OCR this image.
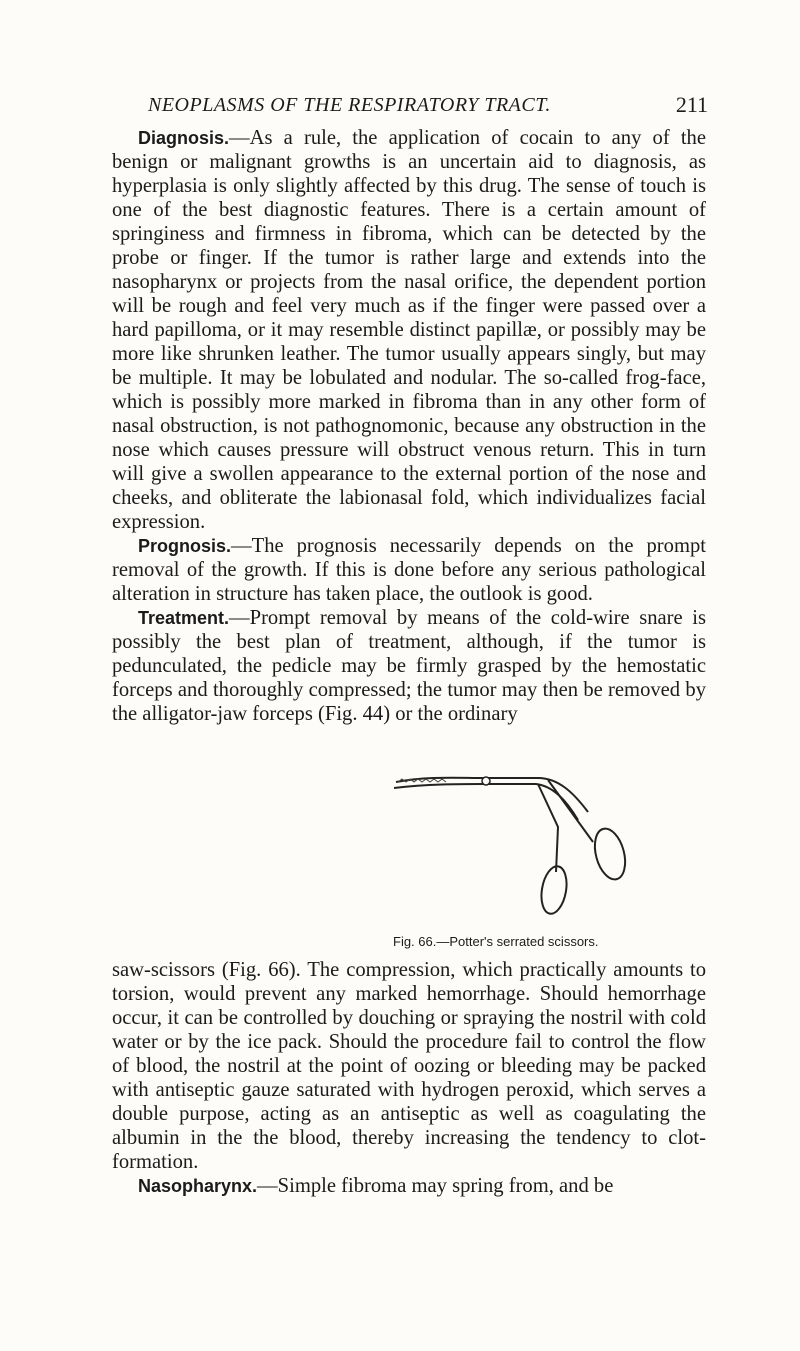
NEOPLASMS OF THE RESPIRATORY TRACT.	211

Diagnosis.—As a rule, the application of cocain to any of the benign or malignant growths is an uncertain aid to diagnosis, as hyperplasia is only slightly affected by this drug. The sense of touch is one of the best diagnostic features. There is a certain amount of springiness and firmness in fibroma, which can be detected by the probe or finger. If the tumor is rather large and extends into the nasopharynx or projects from the nasal orifice, the dependent portion will be rough and feel very much as if the finger were passed over a hard papilloma, or it may resemble distinct papillæ, or possibly may be more like shrunken leather. The tumor usually appears singly, but may be multiple. It may be lobulated and nodular. The so-called frog-face, which is possibly more marked in fibroma than in any other form of nasal obstruction, is not pathognomonic, because any obstruction in the nose which causes pressure will obstruct venous return. This in turn will give a swollen appearance to the external portion of the nose and cheeks, and obliterate the labionasal fold, which individualizes facial expression.

Prognosis.—The prognosis necessarily depends on the prompt removal of the growth. If this is done before any serious pathological alteration in structure has taken place, the outlook is good.

Treatment.—Prompt removal by means of the cold-wire snare is possibly the best plan of treatment, although, if the tumor is pedunculated, the pedicle may be firmly grasped by the hemostatic forceps and thoroughly compressed; the tumor may then be removed by the alligator-jaw forceps (Fig. 44) or the ordinary

Fig. 66.—Potter's serrated scissors.

saw-scissors (Fig. 66). The compression, which practically amounts to torsion, would prevent any marked hemorrhage. Should hemorrhage occur, it can be controlled by douching or spraying the nostril with cold water or by the ice pack. Should the procedure fail to control the flow of blood, the nostril at the point of oozing or bleeding may be packed with antiseptic gauze saturated with hydrogen peroxid, which serves a double purpose, acting as an antiseptic as well as coagulating the albumin in the the blood, thereby increasing the tendency to clot-formation.

Nasopharynx.—Simple fibroma may spring from, and be
